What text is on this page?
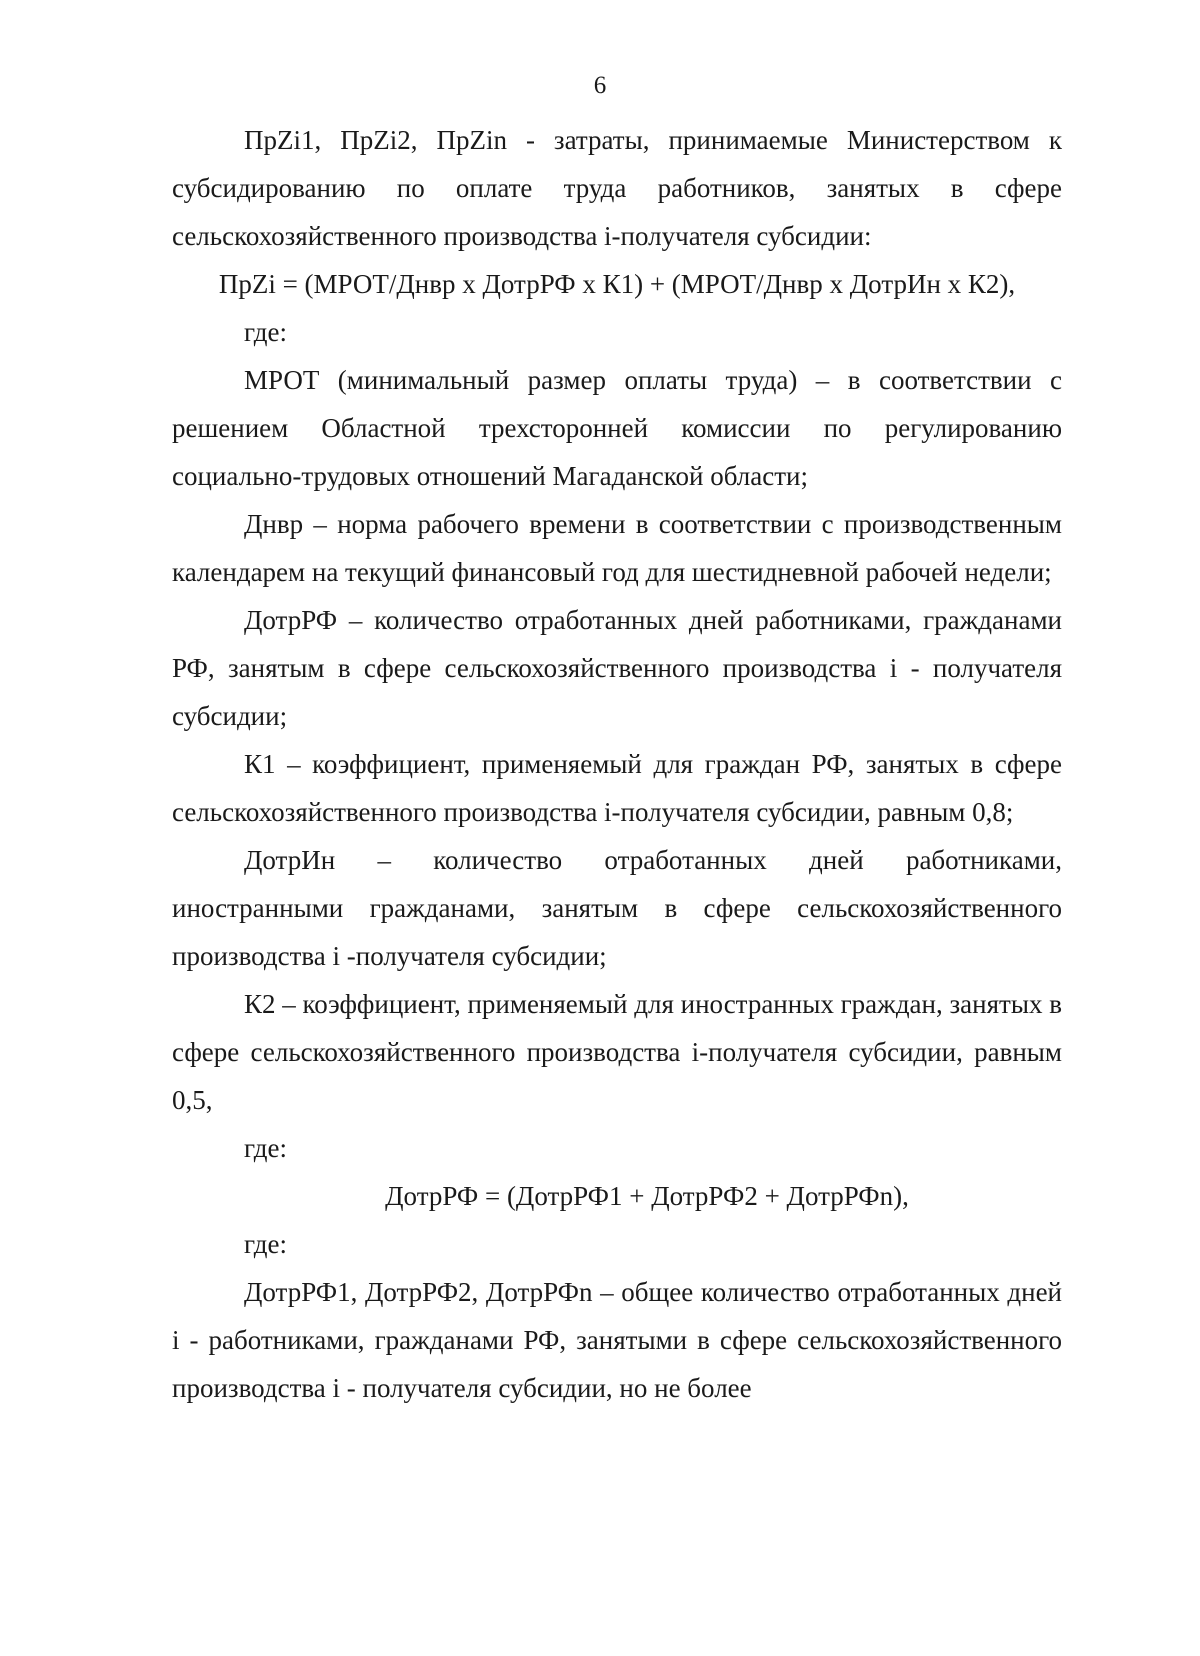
6

ПрZi1, ПрZi2, ПрZin - затраты, принимаемые Министерством к субсидированию по оплате труда работников, занятых в сфере сельскохозяйственного производства i-получателя субсидии:

ПрZi = (МРОТ/Днвр х ДотрРФ х К1) + (МРОТ/Днвр х ДотрИн х К2),

где:

МРОТ (минимальный размер оплаты труда) – в соответствии с решением Областной трехсторонней комиссии по регулированию социально-трудовых отношений Магаданской области;

Днвр – норма рабочего времени в соответствии с производственным календарем на текущий финансовый год для шестидневной рабочей недели;

ДотрРФ – количество отработанных дней работниками, гражданами РФ, занятым в сфере сельскохозяйственного производства i - получателя субсидии;

К1 – коэффициент, применяемый для граждан РФ, занятых в сфере сельскохозяйственного производства i-получателя субсидии, равным 0,8;

ДотрИн – количество отработанных дней работниками, иностранными гражданами, занятым в сфере сельскохозяйственного производства i -получателя субсидии;

К2 – коэффициент, применяемый для иностранных граждан, занятых в сфере сельскохозяйственного производства i-получателя субсидии, равным 0,5,

где:

ДотрРФ = (ДотрРФ1 + ДотрРФ2 + ДотрРФn),

где:

ДотрРФ1, ДотрРФ2, ДотрРФn – общее количество отработанных дней i - работниками, гражданами РФ, занятыми в сфере сельскохозяйственного производства i - получателя субсидии, но не более
